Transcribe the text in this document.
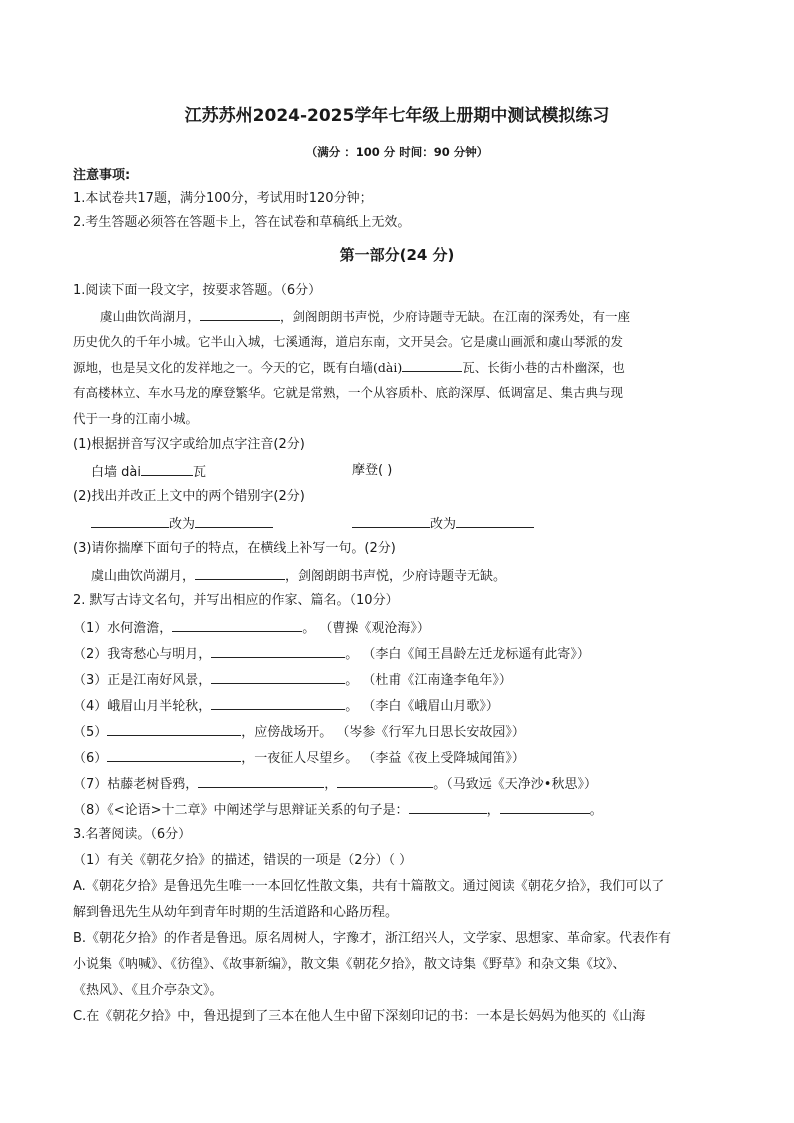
江苏苏州2024-2025学年七年级上册期中测试模拟练习
（满分 ：100 分 时间：90 分钟）
注意事项:
1.本试卷共17题，满分100分，考试用时120分钟；
2.考生答题必须答在答题卡上，答在试卷和草稿纸上无效。
第一部分(24 分)
1.阅读下面一段文字，按要求答题。（6分）
虞山曲饮尚湖月，	，剑阁朗朗书声悦，少府诗题寺无缺。在江南的深秀处，有一座
历史优久的千年小城。它半山入城，七溪通海，道启东南，文开吴会。它是虞山画派和虞山琴派的发
源地，也是吴文化的发祥地之一。今天的它，既有白墙(dài)	瓦、长街小巷的古朴幽深，也
有高楼林立、车水马龙的摩登繁华。它就是常熟，一个从容质朴、底韵深厚、低调富足、集古典与现
代于一身的江南小城。
(1)根据拼音写汉字或给加点字注音(2分)
白墙 dài	瓦	摩登( )
(2)找出并改正上文中的两个错别字(2分)
改为	改为
(3)请你揣摩下面句子的特点，在横线上补写一句。(2分)
虞山曲饮尚湖月，	，剑阁朗朗书声悦，少府诗题寺无缺。
2. 默写古诗文名句，并写出相应的作家、篇名。（10分）
（1）水何澹澹，	。 （曹操《观沧海》）
（2）我寄愁心与明月，	。 （李白《闻王昌龄左迁龙标遥有此寄》）
（3）正是江南好风景，	。 （杜甫《江南逢李龟年》）
（4）峨眉山月半轮秋，	。 （李白《峨眉山月歌》）
（5）	，应傍战场开。 （岑参《行军九日思长安故园》）
（6）	，一夜征人尽望乡。 （李益《夜上受降城闻笛》）
（7）枯藤老树昏鸦，	，	。（马致远《天净沙•秋思》）
（8）《<论语>十二章》中阐述学与思辩证关系的句子是：	，	。
3.名著阅读。（6分）
（1）有关《朝花夕拾》的描述，错误的一项是（2分）（ ）
A.《朝花夕拾》是鲁迅先生唯一一本回忆性散文集，共有十篇散文。通过阅读《朝花夕拾》，我们可以了
解到鲁迅先生从幼年到青年时期的生活道路和心路历程。
B.《朝花夕拾》的作者是鲁迅。原名周树人，字豫才，浙江绍兴人，文学家、思想家、革命家。代表作有
小说集《呐喊》、《彷徨》、《故事新编》，散文集《朝花夕拾》，散文诗集《野草》和杂文集《坟》、
《热风》、《且介亭杂文》。
C.在《朝花夕拾》中，鲁迅提到了三本在他人生中留下深刻印记的书：一本是长妈妈为他买的《山海
